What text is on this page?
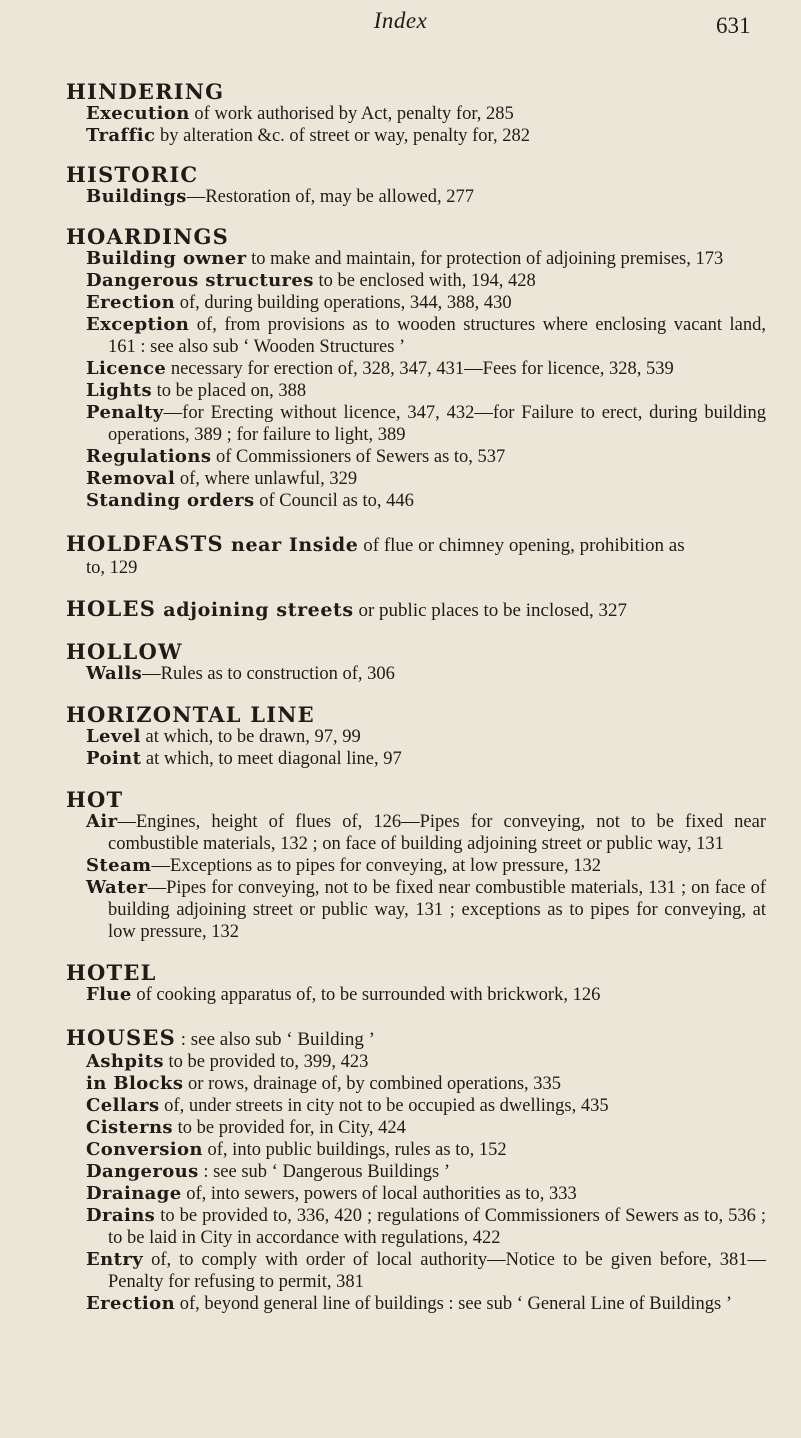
Index	631

HINDERING

Execution of work authorised by Act, penalty for, 285

Traffic by alteration &c. of street or way, penalty for, 282

HISTORIC

Buildings—Restoration of, may be allowed, 277

HOARDINGS

Building owner to make and maintain, for protection of adjoining premises, 173

Dangerous structures to be enclosed with, 194, 428

Erection of, during building operations, 344, 388, 430

Exception of, from provisions as to wooden structures where enclosing vacant land, 161 : see also sub ‘ Wooden Structures ’

Licence necessary for erection of, 328, 347, 431—Fees for licence, 328, 539

Lights to be placed on, 388

Penalty—for Erecting without licence, 347, 432—for Failure to erect, during building operations, 389 ; for failure to light, 389

Regulations of Commissioners of Sewers as to, 537

Removal of, where unlawful, 329

Standing orders of Council as to, 446

HOLDFASTS near Inside of flue or chimney opening, prohibition as

to, 129

HOLES adjoining streets or public places to be inclosed, 327

HOLLOW

Walls—Rules as to construction of, 306

HORIZONTAL LINE

Level at which, to be drawn, 97, 99

Point at which, to meet diagonal line, 97

HOT

Air—Engines, height of flues of, 126—Pipes for conveying, not to be fixed near combustible materials, 132 ; on face of building adjoining street or public way, 131

Steam—Exceptions as to pipes for conveying, at low pressure, 132

Water—Pipes for conveying, not to be fixed near combustible materials, 131 ; on face of building adjoining street or public way, 131 ; exceptions as to pipes for conveying, at low pressure, 132

HOTEL

Flue of cooking apparatus of, to be surrounded with brickwork, 126

HOUSES : see also sub ‘ Building ’

Ashpits to be provided to, 399, 423

in Blocks or rows, drainage of, by combined operations, 335

Cellars of, under streets in city not to be occupied as dwellings, 435

Cisterns to be provided for, in City, 424

Conversion of, into public buildings, rules as to, 152

Dangerous : see sub ‘ Dangerous Buildings ’

Drainage of, into sewers, powers of local authorities as to, 333

Drains to be provided to, 336, 420 ; regulations of Commissioners of Sewers as to, 536 ; to be laid in City in accordance with regulations, 422

Entry of, to comply with order of local authority—Notice to be given before, 381—Penalty for refusing to permit, 381

Erection of, beyond general line of buildings : see sub ‘ General Line of Buildings ’
